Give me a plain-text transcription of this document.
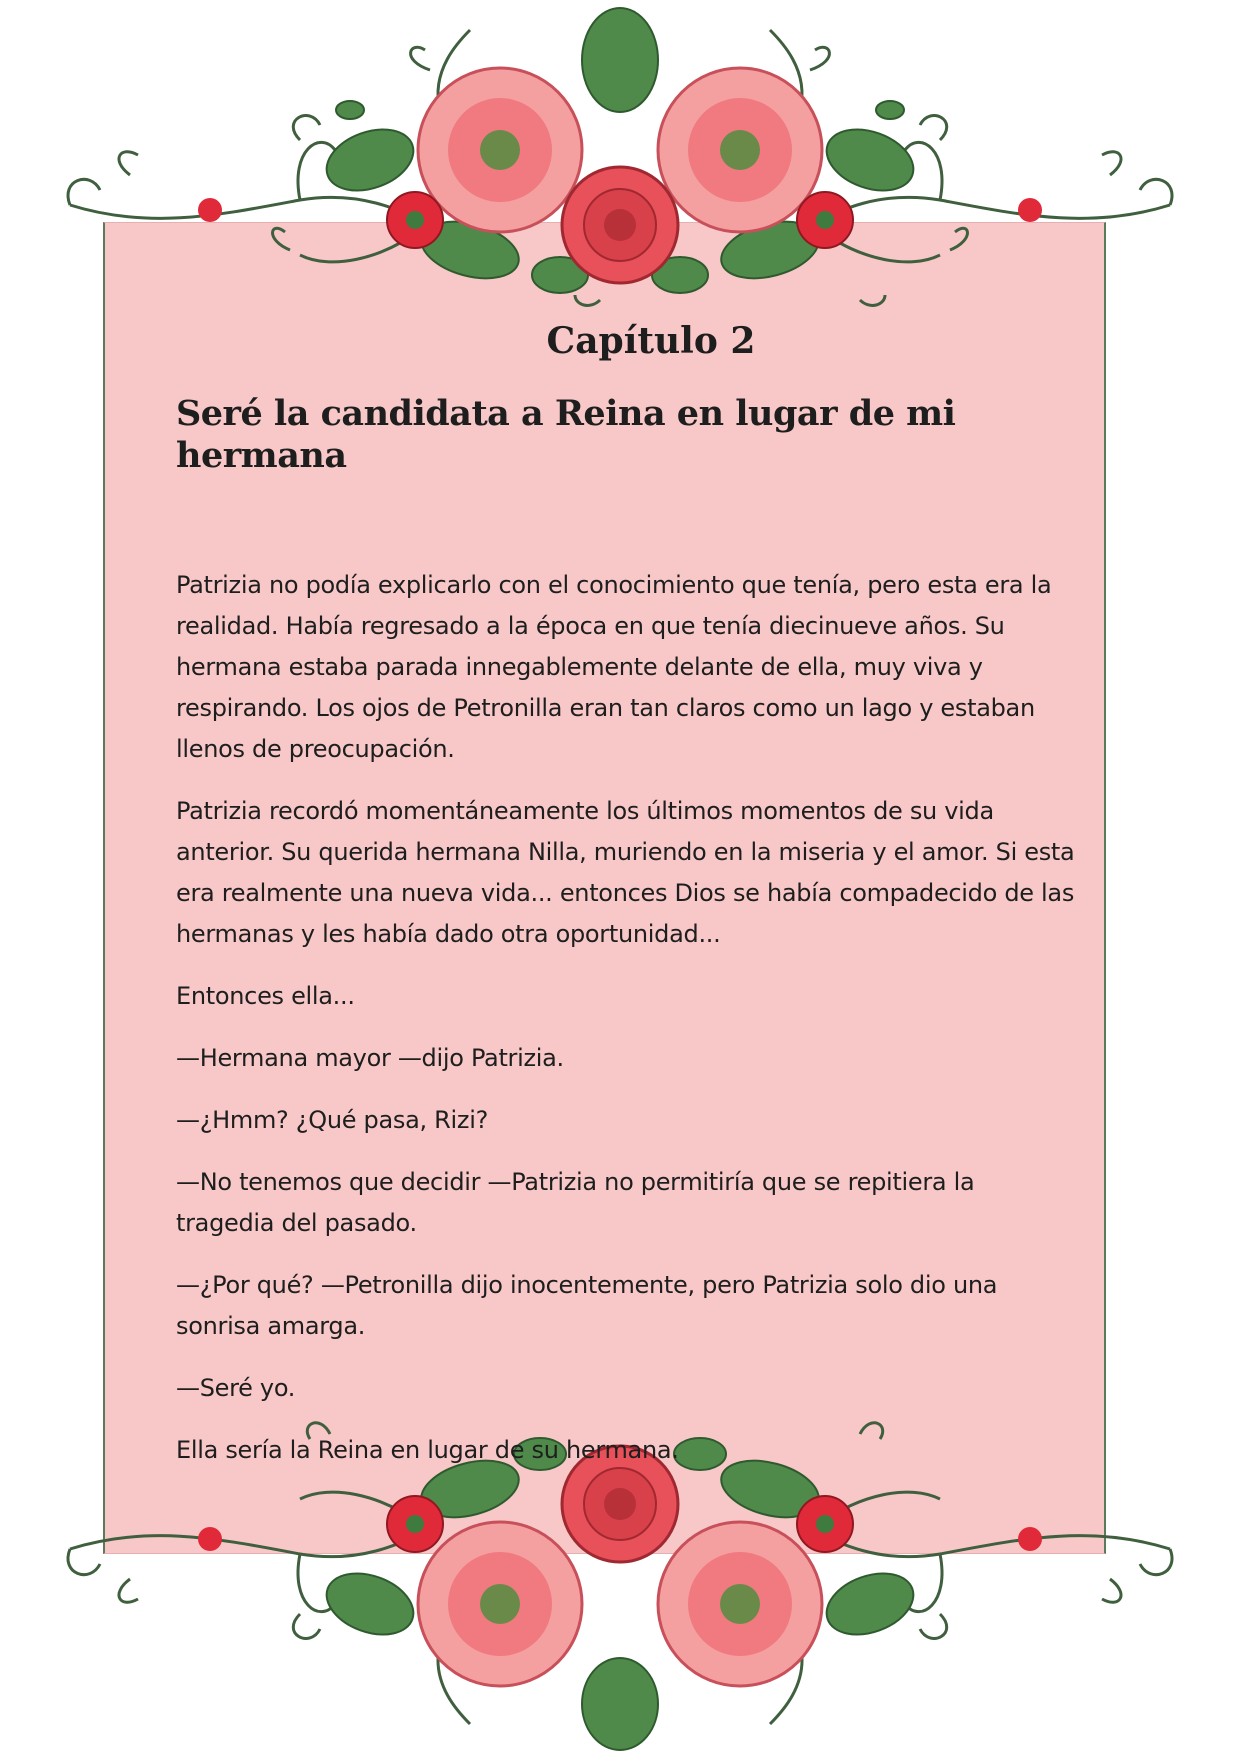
Capítulo 2
Seré la candidata a Reina en lugar de mi hermana

Patrizia no podía explicarlo con el conocimiento que tenía, pero esta era la realidad. Había regresado a la época en que tenía diecinueve años. Su hermana estaba parada innegablemente delante de ella, muy viva y respirando. Los ojos de Petronilla eran tan claros como un lago y estaban llenos de preocupación.

Patrizia recordó momentáneamente los últimos momentos de su vida anterior. Su querida hermana Nilla, muriendo en la miseria y el amor. Si esta era realmente una nueva vida... entonces Dios se había compadecido de las hermanas y les había dado otra oportunidad...

Entonces ella...

—Hermana mayor —dijo Patrizia.

—¿Hmm? ¿Qué pasa, Rizi?

—No tenemos que decidir —Patrizia no permitiría que se repitiera la tragedia del pasado.

—¿Por qué? —Petronilla dijo inocentemente, pero Patrizia solo dio una sonrisa amarga.

—Seré yo.

Ella sería la Reina en lugar de su hermana.
